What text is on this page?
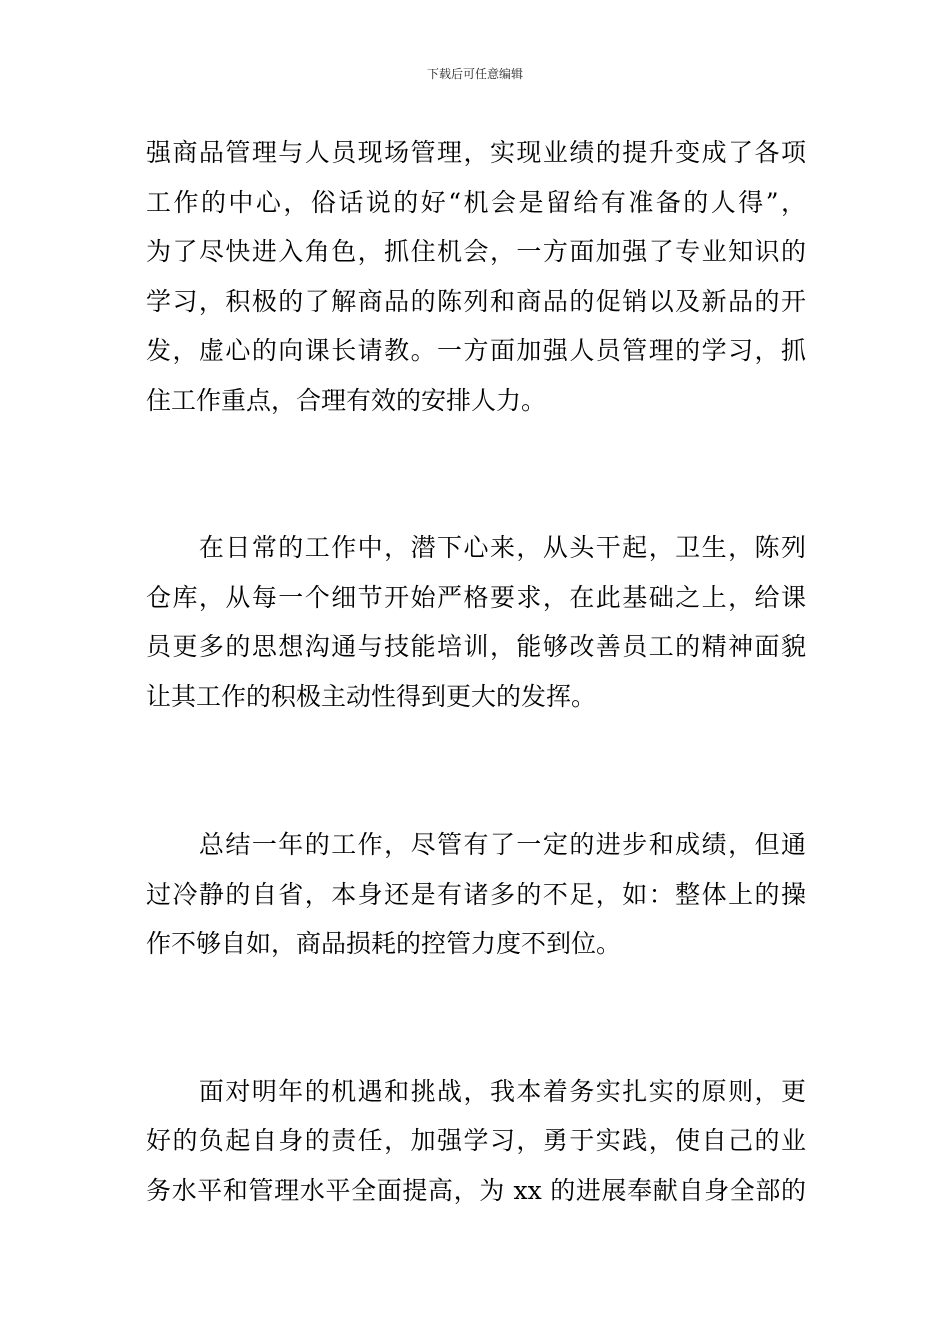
下载后可任意编辑
强商品管理与人员现场管理，实现业绩的提升变成了各项
工作的中心，俗话说的好“机会是留给有准备的人得”，
为了尽快进入角色，抓住机会，一方面加强了专业知识的
学习，积极的了解商品的陈列和商品的促销以及新品的开
发，虚心的向课长请教。一方面加强人员管理的学习，抓
住工作重点，合理有效的安排人力。
　　在日常的工作中，潜下心来，从头干起，卫生，陈列
仓库，从每一个细节开始严格要求，在此基础之上，给课
员更多的思想沟通与技能培训，能够改善员工的精神面貌
让其工作的积极主动性得到更大的发挥。
　　总结一年的工作，尽管有了一定的进步和成绩，但通
过冷静的自省，本身还是有诸多的不足，如：整体上的操
作不够自如，商品损耗的控管力度不到位。
　　面对明年的机遇和挑战，我本着务实扎实的原则，更
好的负起自身的责任，加强学习，勇于实践，使自己的业
务水平和管理水平全面提高，为 xx 的进展奉献自身全部的
